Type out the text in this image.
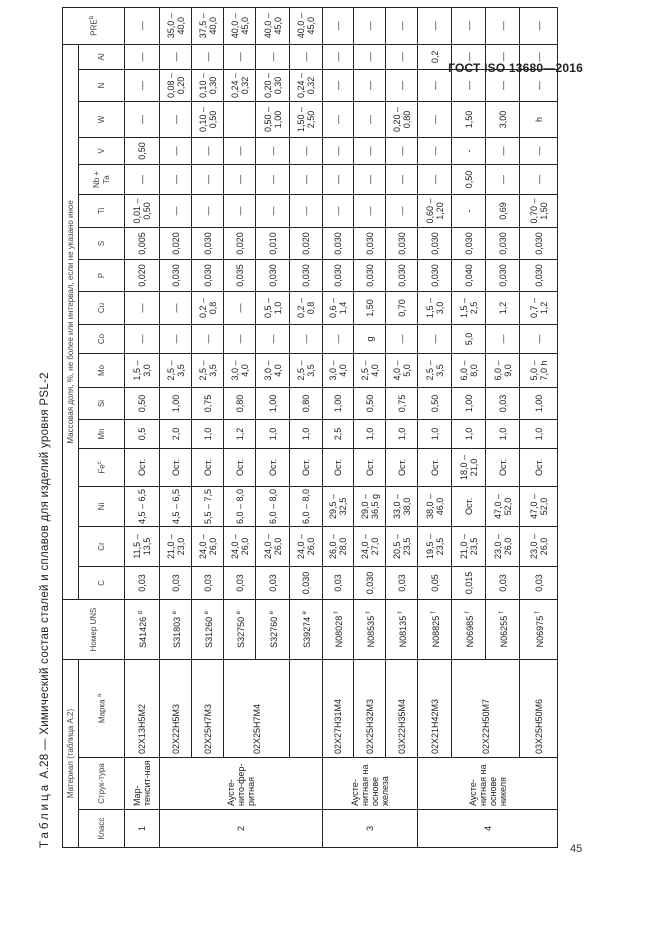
ГОСТ ISO 13680—2016
Таблица А.28 — Химический состав сталей и сплавов для изделий уровня PSL-2	Материал (таблица А.2)			Номер UNS	Массовая доля, %, не более или интервал, если не указано иное																	PRE$^b$
Класс	Струк-тура	Марка $^a$		C	Cr	Ni	Fe$^c$	Mn	Si	Mo	Co	Cu	P	S	Ti	Nb + Ta	V	W	N	Al	
1	Мар-тенсит-ная	02Х13Н5М2	S41426 $^d$	0,03	11,5 – 13,5	4,5 – 6,5	Ост.	0,5	0,50	1,5 – 3,0	—	—	0,020	0,005	0,01 – 0,50	—	0,50	—	—	—	—
2	Аусте-нито-фер-ритная	02Х22Н5М3	S31803 $^e$	0,03	21,0 – 23,0	4,5 – 6,5	Ост.	2,0	1,00	2,5 – 3,5	—	—	0,030	0,020	—	—	—	—	0,08 – 0,20	—	35,0 – 40,0
		02Х25Н7М3	S31260 $^e$	0,03	24,0 – 26,0	5,5 – 7,5	Ост.	1,0	0,75	2,5 – 3,5	—	0,2 – 0,8	0,030	0,030	—	—	—	0,10 – 0,50	0,10 – 0,30	—	37,5 – 40,0
		02Х25Н7М4	S32750 $^e$	0,03	24,0 – 26,0	6,0 – 8,0	Ост.	1,2	0,80	3,0 – 4,0	—	—	0,035	0,020	—	—	—		0,24 – 0,32	—	40,0 – 45,0
			S32760 $^e$	0,03	24,0 – 26,0	6,0 – 8,0	Ост.	1,0	1,00	3,0 – 4,0	—	0,5 – 1,0	0,030	0,010	—	—	—	0,50 – 1,00	0,20 – 0,30	—	40,0 – 45,0
			S39274 $^e$	0,030	24,0 – 26,0	6,0 – 8,0	Ост.	1,0	0,80	2,5 – 3,5	—	0,2 – 0,8	0,030	0,020	—	—	—	1,50 – 2,50	0,24 – 0,32	—	40,0 – 45,0
3	Аусте-нитная на основе железа	02Х27Н31М4	N08028 $^f$	0,03	26,0 – 28,0	29,5 – 32,5	Ост.	2,5	1,00	3,0 – 4,0	—	0,6 – 1,4	0,030	0,030	—	—	—	—	—	—	—
		02Х25Н32М3	N08535 $^f$	0,030	24,0 – 27,0	29,0 – 36,5 g	Ост.	1,0	0,50	2,5 – 4,0	g	1,50	0,030	0,030	—	—	—	—	—	—	—
		03Х22Н35М4	N08135 $^f$	0,03	20,5 – 23,5	33,0 – 38,0	Ост.	1,0	0,75	4,0 – 5,0	—	0,70	0,030	0,030	—	—	—	0,20 – 0,80	—	—	—
4	Аусте-нитная на основе никеля	02Х21Н42М3	N08825 $^f$	0,05	19,5 – 23,5	38,0 – 46,0	Ост.	1,0	0,50	2,5 – 3,5	—	1,5 – 3,0	0,030	0,030	0,60 – 1,20	—	—	—	—	0,2	—
		02Х22Н50М7	N06985 $^f$	0,015	21,0 – 23,5	Ост.	18,0 – 21,0	1,0	1,00	6,0 – 8,0	5,0	1,5 – 2,5	0,040	0,030	-	0,50	-	1,50	—	—	—
			N06255 $^f$	0,03	23,0 – 26,0	47,0 – 52,0	Ост.	1,0	0,03	6,0 – 9,0	—	1,2	0,030	0,030	0,69	—	—	3,00	—	—	—
		03Х25Н50М6	N06975 $^f$	0,03	23,0 – 26,0	47,0 – 52,0	Ост.	1,0	1,00	5,0 – 7,0 h	—	0,7 – 1,2	0,030	0,030	0,70 – 1,50	—	—	h	—	—	—
45
